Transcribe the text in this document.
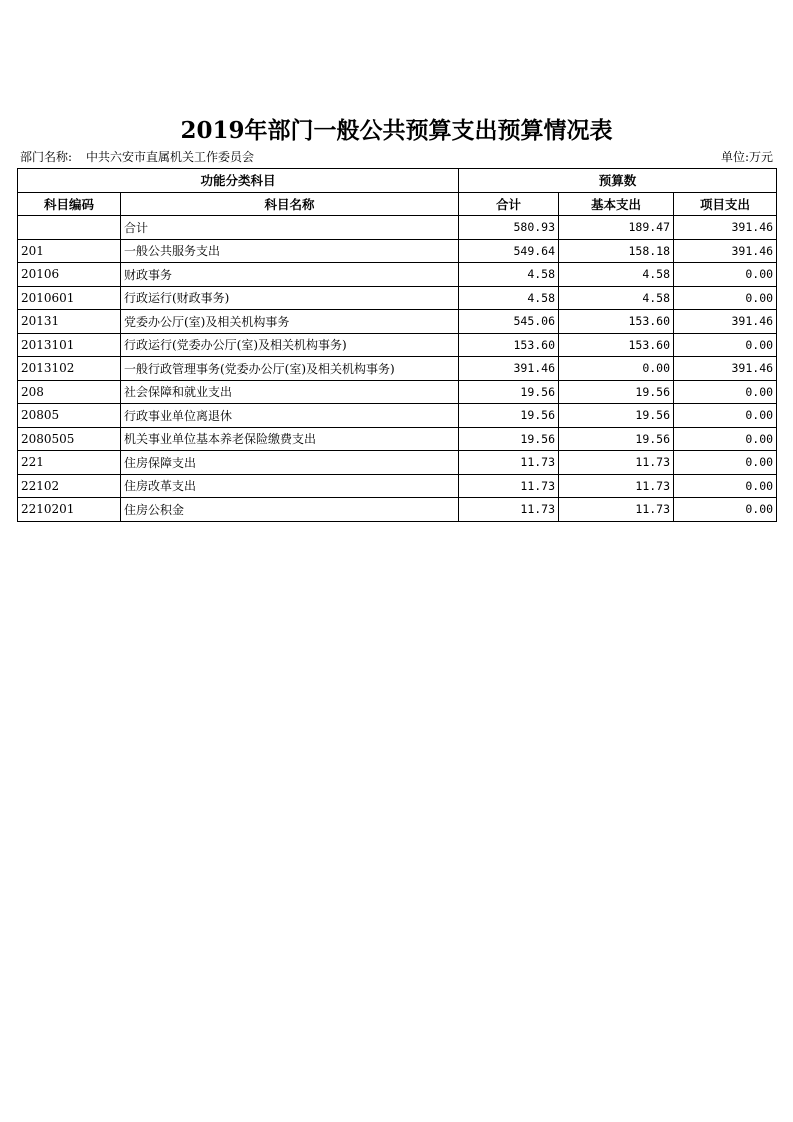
2019年部门一般公共预算支出预算情况表
部门名称: 中共六安市直属机关工作委员会	单位:万元
功能分类科目		预算数		
科目编码	科目名称	合计	基本支出	项目支出
	合计	580.93	189.47	391.46
201	一般公共服务支出	549.64	158.18	391.46
20106	财政事务	4.58	4.58	0.00
2010601	行政运行(财政事务)	4.58	4.58	0.00
20131	党委办公厅(室)及相关机构事务	545.06	153.60	391.46
2013101	行政运行(党委办公厅(室)及相关机构事务)	153.60	153.60	0.00
2013102	一般行政管理事务(党委办公厅(室)及相关机构事务)	391.46	0.00	391.46
208	社会保障和就业支出	19.56	19.56	0.00
20805	行政事业单位离退休	19.56	19.56	0.00
2080505	机关事业单位基本养老保险缴费支出	19.56	19.56	0.00
221	住房保障支出	11.73	11.73	0.00
22102	住房改革支出	11.73	11.73	0.00
2210201	住房公积金	11.73	11.73	0.00
